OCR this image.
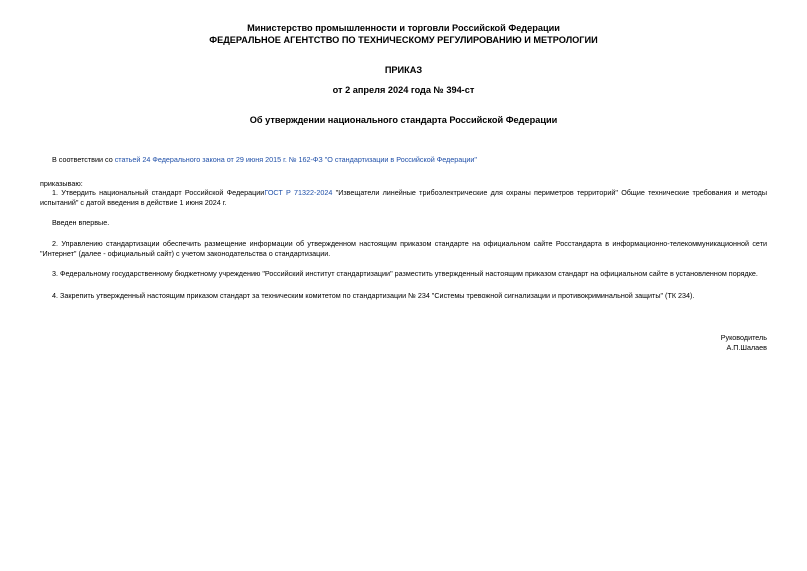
Министерство промышленности и торговли Российской Федерации
ФЕДЕРАЛЬНОЕ АГЕНТСТВО ПО ТЕХНИЧЕСКОМУ РЕГУЛИРОВАНИЮ И МЕТРОЛОГИИ
ПРИКАЗ
от 2 апреля 2024 года № 394-ст
Об утверждении национального стандарта Российской Федерации
В соответствии со статьей 24 Федерального закона от 29 июня 2015 г. № 162-ФЗ "О стандартизации в Российской Федерации"
приказываю:
1. Утвердить национальный стандарт Российской ФедерацииГОСТ Р 71322-2024 "Извещатели линейные трибоэлектрические для охраны периметров территорий" Общие технические требования и методы испытаний" с датой введения в действие 1 июня 2024 г.
Введен впервые.
2. Управлению стандартизации обеспечить размещение информации об утвержденном настоящим приказом стандарте на официальном сайте Росстандарта в информационно-телекоммуникационной сети "Интернет" (далее - официальный сайт) с учетом законодательства о стандартизации.
3. Федеральному государственному бюджетному учреждению "Российский институт стандартизации" разместить утвержденный настоящим приказом стандарт на официальном сайте в установленном порядке.
4. Закрепить утвержденный настоящим приказом стандарт за техническим комитетом по стандартизации № 234 "Системы тревожной сигнализации и противокриминальной защиты" (ТК 234).
Руководитель
А.П.Шалаев
